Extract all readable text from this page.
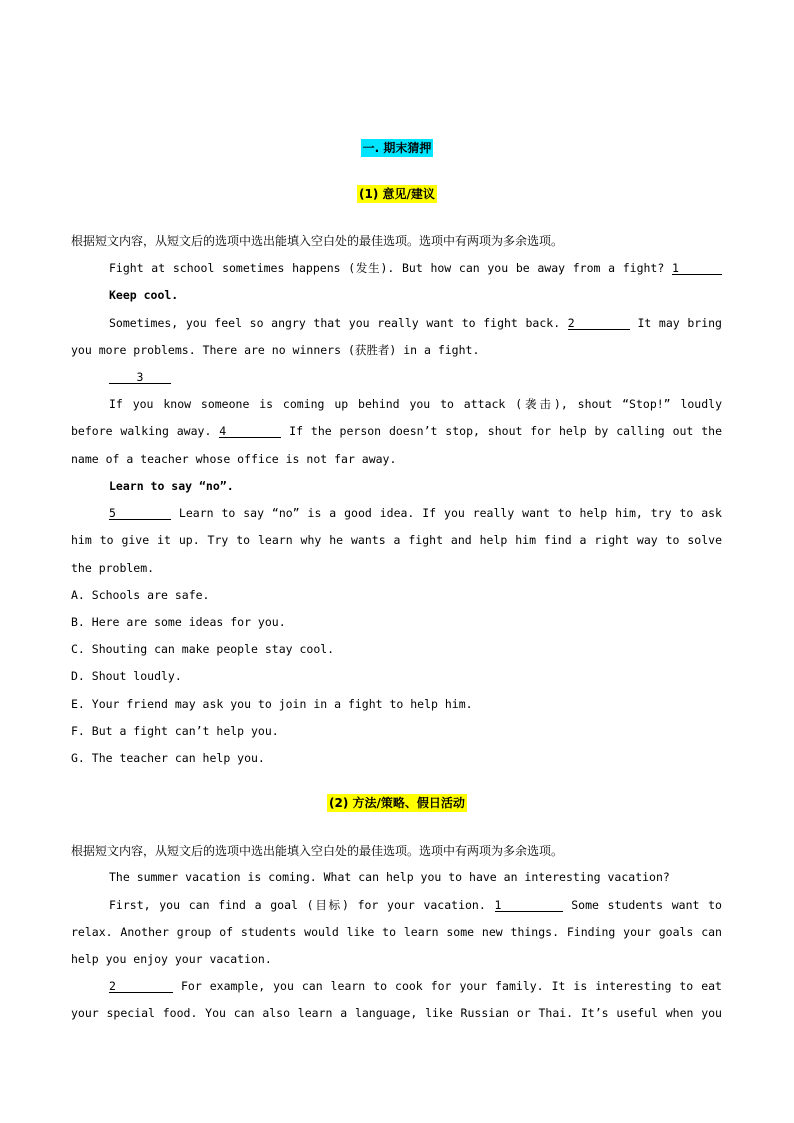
一. 期末猜押
(1) 意见/建议
根据短文内容，从短文后的选项中选出能填入空白处的最佳选项。选项中有两项为多余选项。
Fight at school sometimes happens (发生). But how can you be away from a fight? 1
Keep cool.
Sometimes, you feel so angry that you really want to fight back. 2	It may bring
you more problems. There are no winners (获胜者) in a fight.
3
If you know someone is coming up behind you to attack (袭击), shout “Stop!” loudly
before walking away. 4	If the person doesn’t stop, shout for help by calling out the
name of a teacher whose office is not far away.
Learn to say “no”.
5	Learn to say “no” is a good idea. If you really want to help him, try to ask
him to give it up. Try to learn why he wants a fight and help him find a right way to solve
the problem.
A. Schools are safe.
B. Here are some ideas for you.
C. Shouting can make people stay cool.
D. Shout loudly.
E. Your friend may ask you to join in a fight to help him.
F. But a fight can’t help you.
G. The teacher can help you.
(2) 方法/策略、假日活动
根据短文内容，从短文后的选项中选出能填入空白处的最佳选项。选项中有两项为多余选项。
The summer vacation is coming. What can help you to have an interesting vacation?
First, you can find a goal (目标) for your vacation. 1	Some students want to
relax. Another group of students would like to learn some new things. Finding your goals can
help you enjoy your vacation.
2	For example, you can learn to cook for your family. It is interesting to eat
your special food. You can also learn a language, like Russian or Thai. It’s useful when you
